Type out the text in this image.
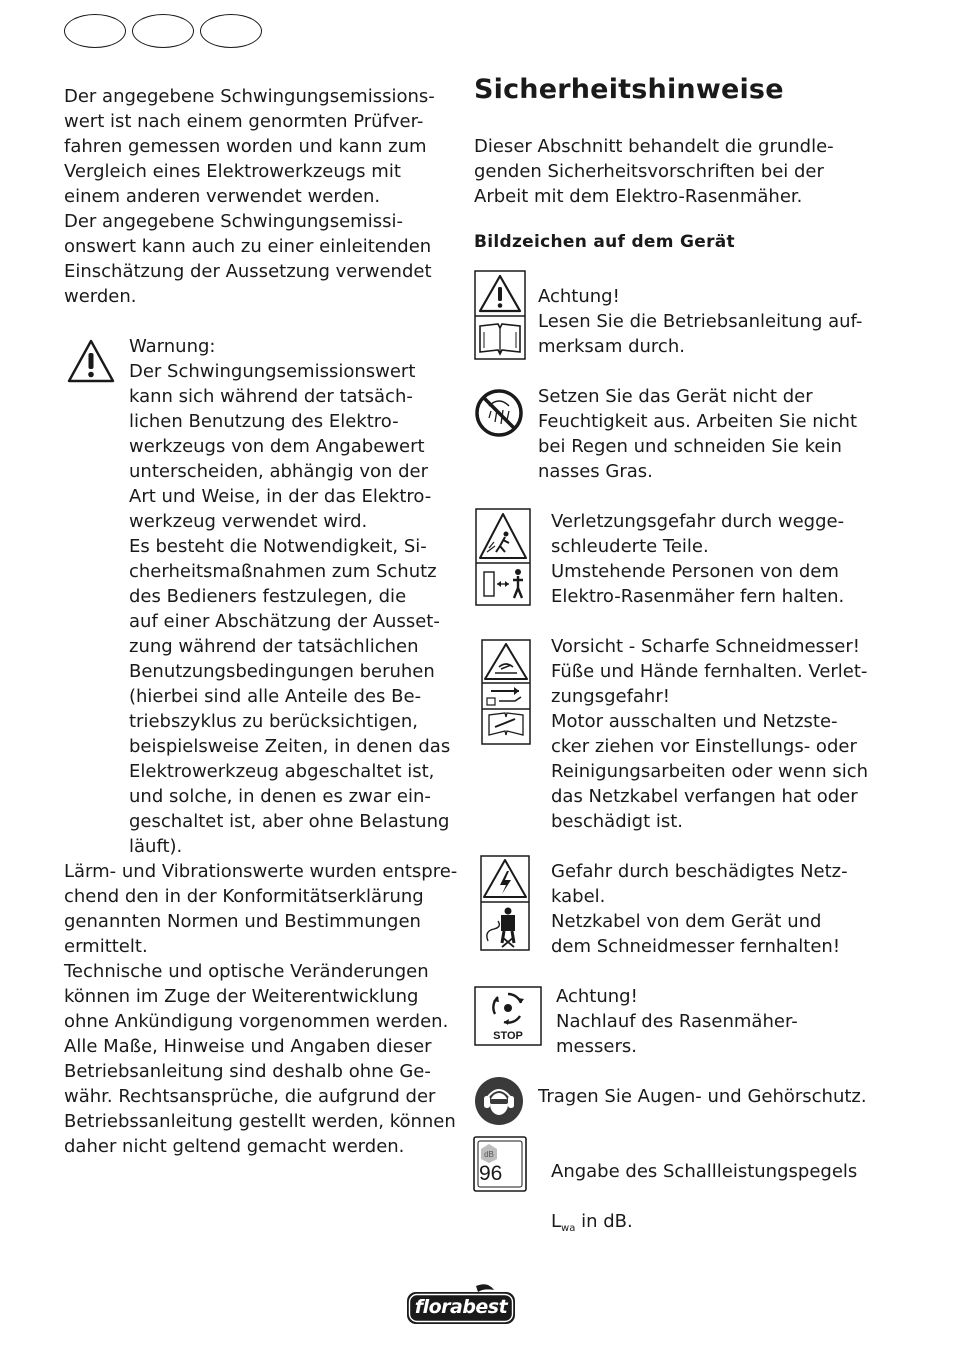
Der angegebene Schwingungsemissions-
wert ist nach einem genormten Prüfver-
fahren gemessen worden und kann zum
Vergleich eines Elektrowerkzeugs mit
einem anderen verwendet werden.
Der angegebene Schwingungsemissi-
onswert kann auch zu einer einleitenden
Einschätzung der Aussetzung verwendet
werden.
Warnung:
Der Schwingungsemissionswert
kann sich während der tatsäch-
lichen Benutzung des Elektro-
werkzeugs von dem Angabewert
unterscheiden, abhängig von der
Art und Weise, in der das Elektro-
werkzeug verwendet wird.
Es besteht die Notwendigkeit, Si-
cherheitsmaßnahmen zum Schutz
des Bedieners festzulegen, die
auf einer Abschätzung der Ausset-
zung während der tatsächlichen
Benutzungsbedingungen beruhen
(hierbei sind alle Anteile des Be-
triebszyklus zu berücksichtigen,
beispielsweise Zeiten, in denen das
Elektrowerkzeug abgeschaltet ist,
und solche, in denen es zwar ein-
geschaltet ist, aber ohne Belastung
läuft).
Lärm- und Vibrationswerte wurden entspre-
chend den in der Konformitätserklärung
genannten Normen und Bestimmungen
ermittelt.
Technische und optische Veränderungen
können im Zuge der Weiterentwicklung
ohne Ankündigung vorgenommen werden.
Alle Maße, Hinweise und Angaben dieser
Betriebsanleitung sind deshalb ohne Ge-
währ. Rechtsansprüche, die aufgrund der
Betriebssanleitung gestellt werden, können
daher nicht geltend gemacht werden.
Sicherheitshinweise
Dieser Abschnitt behandelt die grundle-
genden Sicherheitsvorschriften bei der
Arbeit mit dem Elektro-Rasenmäher.
Bildzeichen auf dem Gerät
Achtung!
Lesen Sie die Betriebsanleitung auf-
merksam durch.
Setzen Sie das Gerät nicht der
Feuchtigkeit aus. Arbeiten Sie nicht
bei Regen und schneiden Sie kein
nasses Gras.
Verletzungsgefahr durch wegge-
schleuderte Teile.
Umstehende Personen von dem
Elektro-Rasenmäher fern halten.
Vorsicht - Scharfe Schneidmesser!
Füße und Hände fernhalten. Verlet-
zungsgefahr!
Motor ausschalten und Netzste-
cker ziehen vor Einstellungs- oder
Reinigungsarbeiten oder wenn sich
das Netzkabel verfangen hat oder
beschädigt ist.
Gefahr durch beschädigtes Netz-
kabel.
Netzkabel von dem Gerät und
dem Schneidmesser fernhalten!
STOP
Achtung!
Nachlauf des Rasenmäher-
messers.
Tragen Sie Augen- und Gehörschutz.
dB
96	Angabe des Schallleistungspegels

$L_{wa}$ in dB.

florabest
